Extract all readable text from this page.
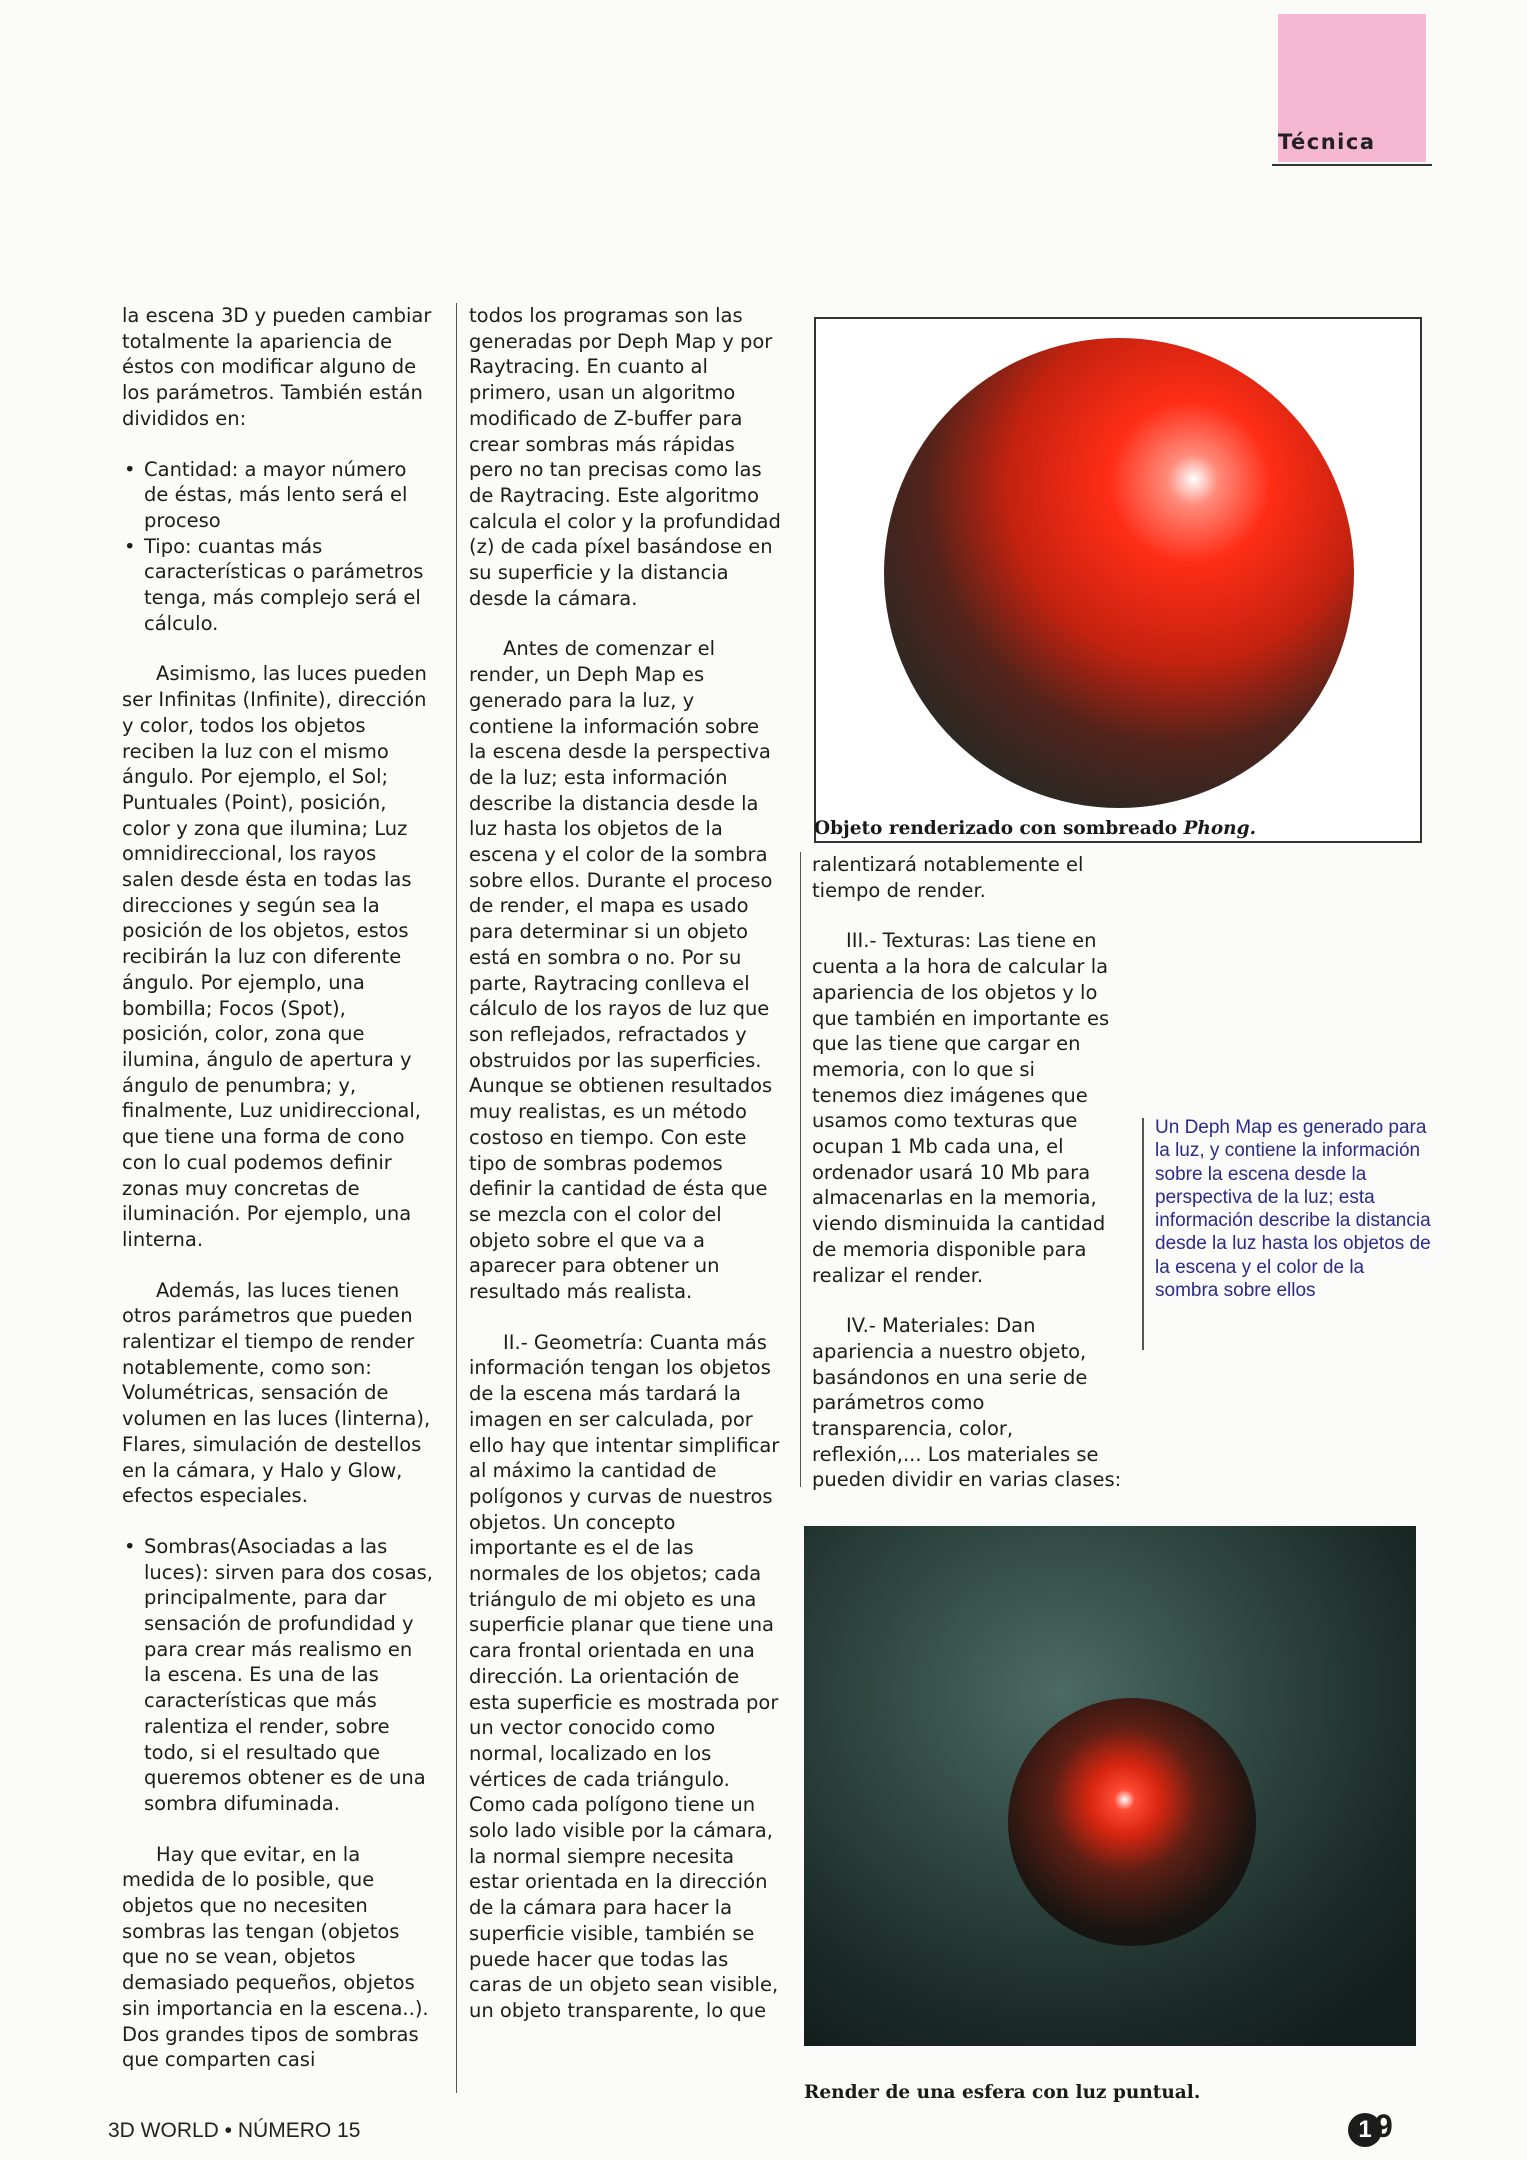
Técnica

la escena 3D y pueden cambiar totalmente la apariencia de éstos con modificar alguno de los parámetros. También están divididos en:

• Cantidad: a mayor número de éstas, más lento será el proceso
• Tipo: cuantas más características o parámetros tenga, más complejo será el cálculo.

Asimismo, las luces pueden ser Infinitas (Infinite), dirección y color, todos los objetos reciben la luz con el mismo ángulo. Por ejemplo, el Sol; Puntuales (Point), posición, color y zona que ilumina; Luz omnidireccional, los rayos salen desde ésta en todas las direcciones y según sea la posición de los objetos, estos recibirán la luz con diferente ángulo. Por ejemplo, una bombilla; Focos (Spot), posición, color, zona que ilumina, ángulo de apertura y ángulo de penumbra; y, finalmente, Luz unidireccional, que tiene una forma de cono con lo cual podemos definir zonas muy concretas de iluminación. Por ejemplo, una linterna.

Además, las luces tienen otros parámetros que pueden ralentizar el tiempo de render notablemente, como son: Volumétricas, sensación de volumen en las luces (linterna), Flares, simulación de destellos en la cámara, y Halo y Glow, efectos especiales.

• Sombras(Asociadas a las luces): sirven para dos cosas, principalmente, para dar sensación de profundidad y para crear más realismo en la escena. Es una de las características que más ralentiza el render, sobre todo, si el resultado que queremos obtener es de una sombra difuminada.

Hay que evitar, en la medida de lo posible, que objetos que no necesiten sombras las tengan (objetos que no se vean, objetos demasiado pequeños, objetos sin importancia en la escena..). Dos grandes tipos de sombras que comparten casi

todos los programas son las generadas por Deph Map y por Raytracing. En cuanto al primero, usan un algoritmo modificado de Z-buffer para crear sombras más rápidas pero no tan precisas como las de Raytracing. Este algoritmo calcula el color y la profundidad (z) de cada píxel basándose en su superficie y la distancia desde la cámara.

Antes de comenzar el render, un Deph Map es generado para la luz, y contiene la información sobre la escena desde la perspectiva de la luz; esta información describe la distancia desde la luz hasta los objetos de la escena y el color de la sombra sobre ellos. Durante el proceso de render, el mapa es usado para determinar si un objeto está en sombra o no. Por su parte, Raytracing conlleva el cálculo de los rayos de luz que son reflejados, refractados y obstruidos por las superficies. Aunque se obtienen resultados muy realistas, es un método costoso en tiempo. Con este tipo de sombras podemos definir la cantidad de ésta que se mezcla con el color del objeto sobre el que va a aparecer para obtener un resultado más realista.

II.- Geometría: Cuanta más información tengan los objetos de la escena más tardará la imagen en ser calculada, por ello hay que intentar simplificar al máximo la cantidad de polígonos y curvas de nuestros objetos. Un concepto importante es el de las normales de los objetos; cada triángulo de mi objeto es una superficie planar que tiene una cara frontal orientada en una dirección. La orientación de esta superficie es mostrada por un vector conocido como normal, localizado en los vértices de cada triángulo. Como cada polígono tiene un solo lado visible por la cámara, la normal siempre necesita estar orientada en la dirección de la cámara para hacer la superficie visible, también se puede hacer que todas las caras de un objeto sean visible, un objeto transparente, lo que

Objeto renderizado con sombreado Phong.

ralentizará notablemente el tiempo de render.

III.- Texturas: Las tiene en cuenta a la hora de calcular la apariencia de los objetos y lo que también en importante es que las tiene que cargar en memoria, con lo que si tenemos diez imágenes que usamos como texturas que ocupan 1 Mb cada una, el ordenador usará 10 Mb para almacenarlas en la memoria, viendo disminuida la cantidad de memoria disponible para realizar el render.

IV.- Materiales: Dan apariencia a nuestro objeto, basándonos en una serie de parámetros como transparencia, color, reflexión,... Los materiales se pueden dividir en varias clases:

Un Deph Map es generado para la luz, y contiene la información sobre la escena desde la perspectiva de la luz; esta información describe la distancia desde la luz hasta los objetos de la escena y el color de la sombra sobre ellos
Render de una esfera con luz puntual.
3D WORLD • NÚMERO 15	1 9
